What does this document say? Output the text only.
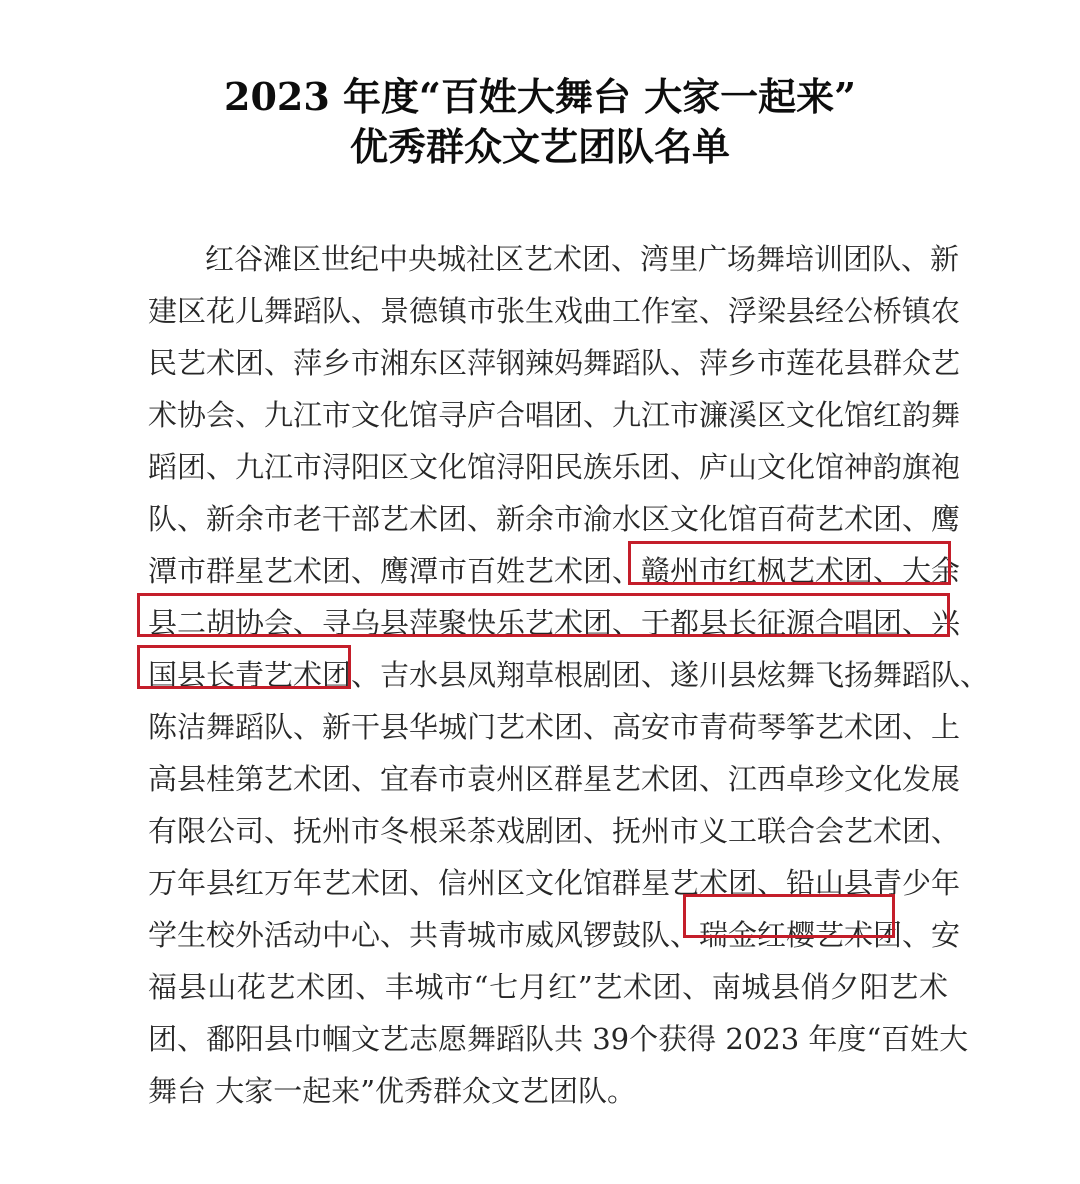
2023 年度“百姓大舞台 大家一起来”
优秀群众文艺团队名单
红谷滩区世纪中央城社区艺术团、湾里广场舞培训团队、新
建区花儿舞蹈队、景德镇市张生戏曲工作室、浮梁县经公桥镇农
民艺术团、萍乡市湘东区萍钢辣妈舞蹈队、萍乡市莲花县群众艺
术协会、九江市文化馆寻庐合唱团、九江市濂溪区文化馆红韵舞
蹈团、九江市浔阳区文化馆浔阳民族乐团、庐山文化馆神韵旗袍
队、新余市老干部艺术团、新余市渝水区文化馆百荷艺术团、鹰
潭市群星艺术团、鹰潭市百姓艺术团、赣州市红枫艺术团、大余
县二胡协会、寻乌县萍聚快乐艺术团、于都县长征源合唱团、兴
国县长青艺术团、吉水县凤翔草根剧团、遂川县炫舞飞扬舞蹈队、
陈洁舞蹈队、新干县华城门艺术团、高安市青荷琴筝艺术团、上
高县桂第艺术团、宜春市袁州区群星艺术团、江西卓珍文化发展
有限公司、抚州市冬根采茶戏剧团、抚州市义工联合会艺术团、
万年县红万年艺术团、信州区文化馆群星艺术团、铅山县青少年
学生校外活动中心、共青城市威风锣鼓队、瑞金红樱艺术团、安
福县山花艺术团、丰城市“七月红”艺术团、南城县俏夕阳艺术
团、鄱阳县巾帼文艺志愿舞蹈队共 39个获得 2023 年度“百姓大
舞台 大家一起来”优秀群众文艺团队。
